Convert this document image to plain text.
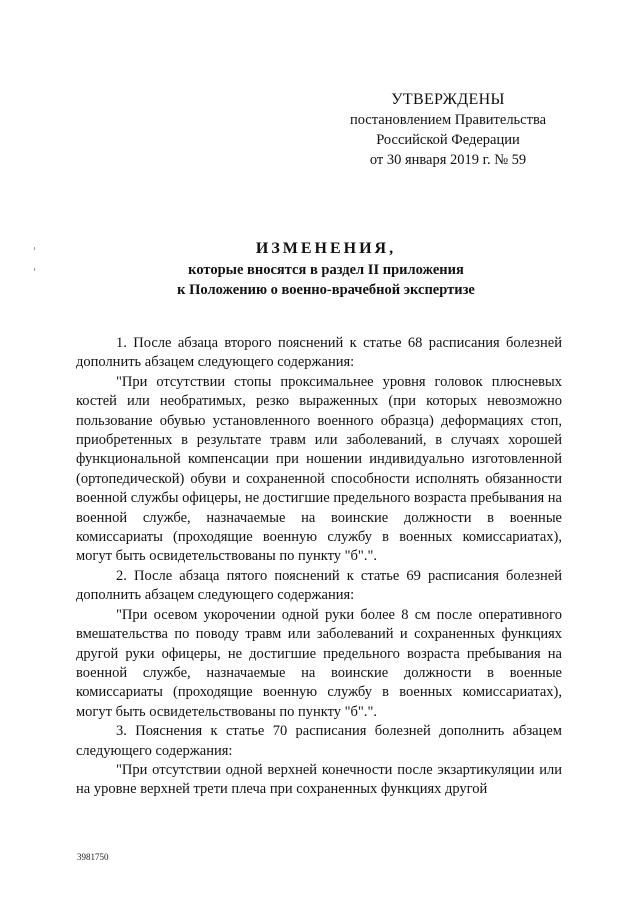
УТВЕРЖДЕНЫ
постановлением Правительства
Российской Федерации
от 30 января 2019 г. № 59
ИЗМЕНЕНИЯ,
которые вносятся в раздел II приложения
к Положению о военно-врачебной экспертизе

1. После абзаца второго пояснений к статье 68 расписания болезней дополнить абзацем следующего содержания:

"При отсутствии стопы проксимальнее уровня головок плюсневых костей или необратимых, резко выраженных (при которых невозможно пользование обувью установленного военного образца) деформациях стоп, приобретенных в результате травм или заболеваний, в случаях хорошей функциональной компенсации при ношении индивидуально изготовленной (ортопедической) обуви и сохраненной способности исполнять обязанности военной службы офицеры, не достигшие предельного возраста пребывания на военной службе, назначаемые на воинские должности в военные комиссариаты (проходящие военную службу в военных комиссариатах), могут быть освидетельствованы по пункту "б".".

2. После абзаца пятого пояснений к статье 69 расписания болезней дополнить абзацем следующего содержания:

"При осевом укорочении одной руки более 8 см после оперативного вмешательства по поводу травм или заболеваний и сохраненных функциях другой руки офицеры, не достигшие предельного возраста пребывания на военной службе, назначаемые на воинские должности в военные комиссариаты (проходящие военную службу в военных комиссариатах), могут быть освидетельствованы по пункту "б".".

3. Пояснения к статье 70 расписания болезней дополнить абзацем следующего содержания:

"При отсутствии одной верхней конечности после экзартикуляции или на уровне верхней трети плеча при сохраненных функциях другой

3981750
